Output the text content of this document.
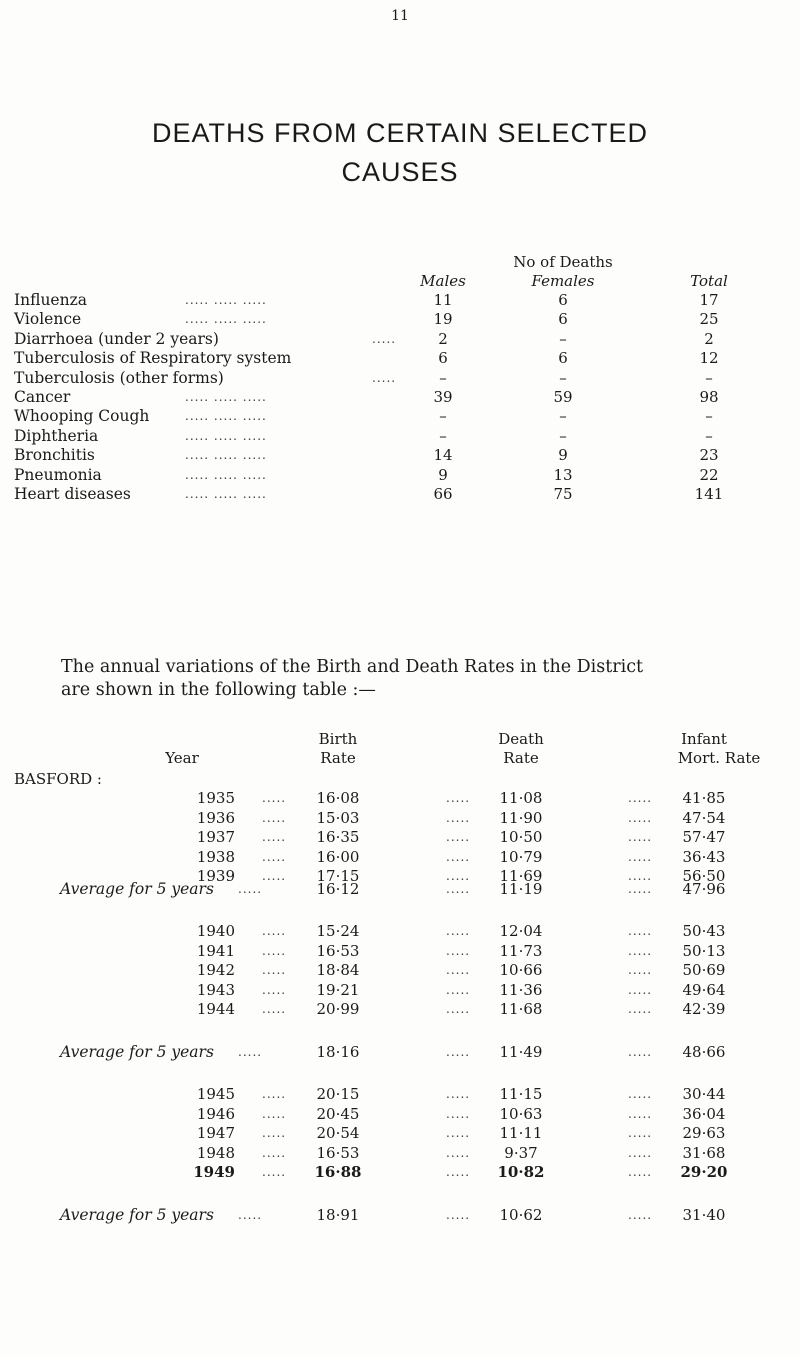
11
DEATHS FROM CERTAIN SELECTED
CAUSES
No of Deaths
Males	Females	Total
Influenza	11	6	17
Violence	19	6	25
Diarrhoea (under 2 years)	2	–	2
Tuberculosis of Respiratory system	6	6	12
Tuberculosis (other forms)	–	–	–
Cancer	39	59	98
Whooping Cough	–	–	–
Diphtheria	–	–	–
Bronchitis	14	9	23
Pneumonia	9	13	22
Heart diseases	66	75	141
..... ..... .....
..... ..... .....
.....
.....
..... ..... .....
..... ..... .....
..... ..... .....
..... ..... .....
..... ..... .....
..... ..... .....
The annual variations of the Birth and Death Rates in the District
are shown in the following table :—
Year
Birth
Rate
Death
Rate
Infant
Mort. Rate
BASFORD :
1935	16·08	11·08	41·85
.....	.....	.....
1936	15·03	11·90	47·54
.....	.....	.....
1937	16·35	10·50	57·47
.....	.....	.....
1938	16·00	10·79	36·43
.....	.....	.....
1939	17·15	11·69	56·50
.....	.....	.....
Average for 5 years	16·12	11·19	47·96
.....	.....	.....
1940	15·24	12·04	50·43
.....	.....	.....
1941	16·53	11·73	50·13
.....	.....	.....
1942	18·84	10·66	50·69
.....	.....	.....
1943	19·21	11·36	49·64
.....	.....	.....
1944	20·99	11·68	42·39
.....	.....	.....
Average for 5 years	18·16	11·49	48·66
.....	.....	.....
1945	20·15	11·15	30·44
.....	.....	.....
1946	20·45	10·63	36·04
.....	.....	.....
1947	20·54	11·11	29·63
.....	.....	.....
1948	16·53	9·37	31·68
.....	.....	.....
1949	16·88	10·82	29·20
.....	.....	.....
Average for 5 years	18·91	10·62	31·40
.....	.....	.....
